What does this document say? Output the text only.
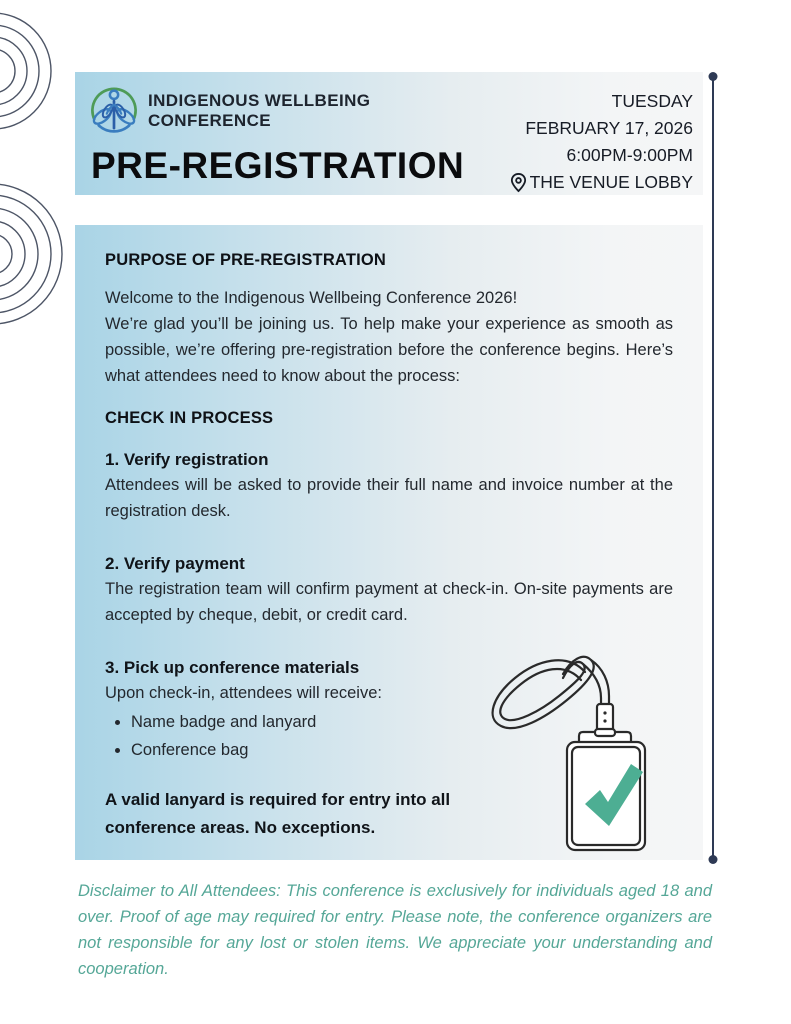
INDIGENOUS WELLBEING
CONFERENCE
PRE-REGISTRATION
TUESDAY
FEBRUARY 17, 2026
6:00PM-9:00PM
THE VENUE LOBBY
PURPOSE OF PRE-REGISTRATION

Welcome to the Indigenous Wellbeing Conference 2026!

We’re glad you’ll be joining us. To help make your experience as smooth as possible, we’re offering pre-registration before the conference begins. Here’s what attendees need to know about the process:

CHECK IN PROCESS
1. Verify registration

Attendees will be asked to provide their full name and invoice number at the registration desk.

2. Verify payment

The registration team will confirm payment at check-in. On-site payments are accepted by cheque, debit, or credit card.

3. Pick up conference materials

Upon check-in, attendees will receive:

• Name badge and lanyard
• Conference bag

A valid lanyard is required for entry into all conference areas. No exceptions.

Disclaimer to All Attendees: This conference is exclusively for individuals aged 18 and over. Proof of age may required for entry. Please note, the conference organizers are not responsible for any lost or stolen items. We appreciate your understanding and cooperation.
